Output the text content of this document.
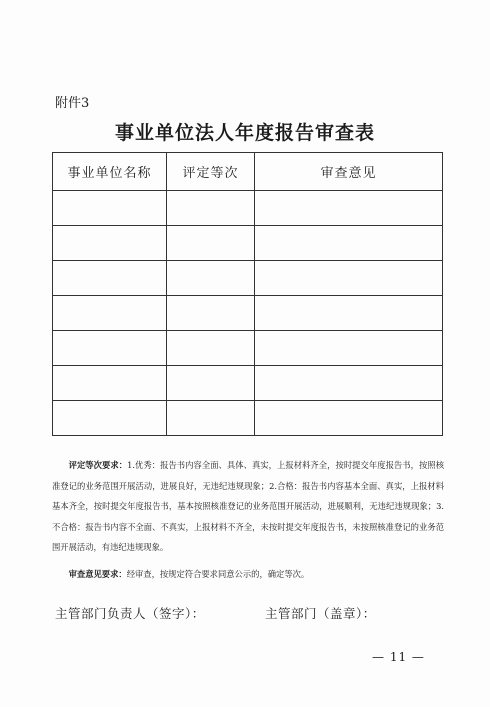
附件3
事业单位法人年度报告审查表
事业单位名称	评定等次	审查意见

评定等次要求：1.优秀：报告书内容全面、具体、真实，上报材料齐全，按时提交年度报告书，按照核准登记的业务范围开展活动，进展良好，无违纪违规现象；2.合格：报告书内容基本全面、真实，上报材料基本齐全，按时提交年度报告书，基本按照核准登记的业务范围开展活动，进展顺利，无违纪违规现象；3.不合格：报告书内容不全面、不真实，上报材料不齐全，未按时提交年度报告书，未按照核准登记的业务范围开展活动，有违纪违规现象。

审查意见要求：经审查，按规定符合要求同意公示的，确定等次。

主管部门负责人（签字）：	主管部门（盖章）：
— 11 —
